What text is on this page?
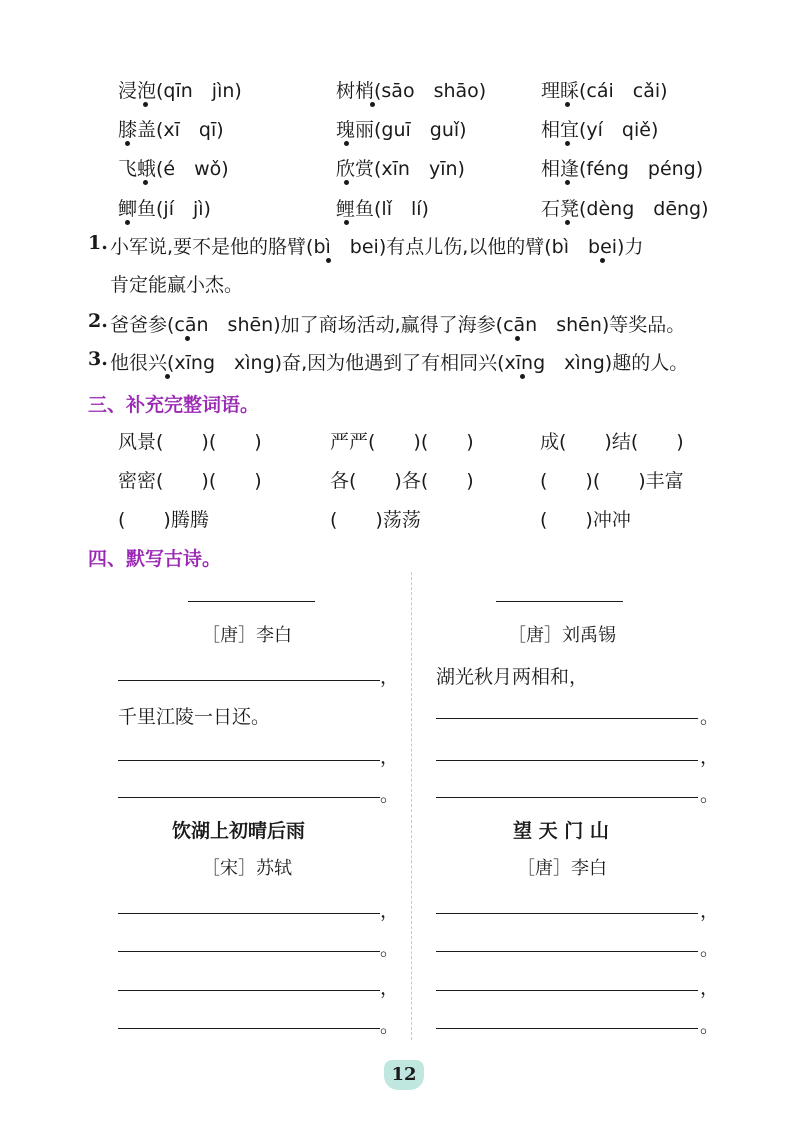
浸泡(qīn　jìn)	树梢(sāo　shāo)	理睬(cái　cǎi)
膝盖(xī　qī)	瑰丽(guī　guǐ)	相宜(yí　qiě)
飞蛾(é　wǒ)	欣赏(xīn　yīn)	相逢(féng　péng)
鲫鱼(jí　jì)	鲤鱼(lǐ　lí)	石凳(dèng　dēng)
1. 小军说,要不是他的胳臂(bì　bei)有点儿伤,以他的臂(bì　bei)力
肯定能赢小杰。
2. 爸爸参(cān　shēn)加了商场活动,赢得了海参(cān　shēn)等奖品。
3. 他很兴(xīng　xìng)奋,因为他遇到了有相同兴(xīng　xìng)趣的人。
三、补充完整词语。
风景(　　)(　　)	严严(　　)(　　)	成(　　)结(　　)
密密(　　)(　　)	各(　　)各(　　)	(　　)(　　)丰富
(　　)腾腾	(　　)荡荡	(　　)冲冲
四、默写古诗。
［唐］李白
千里江陵一日还。
，
，
。
［唐］刘禹锡
湖光秋月两相和，
。
，
。
饮湖上初晴后雨
［宋］苏轼
，
。
，
。
望 天 门 山
［唐］李白
，
。
，
。
12
